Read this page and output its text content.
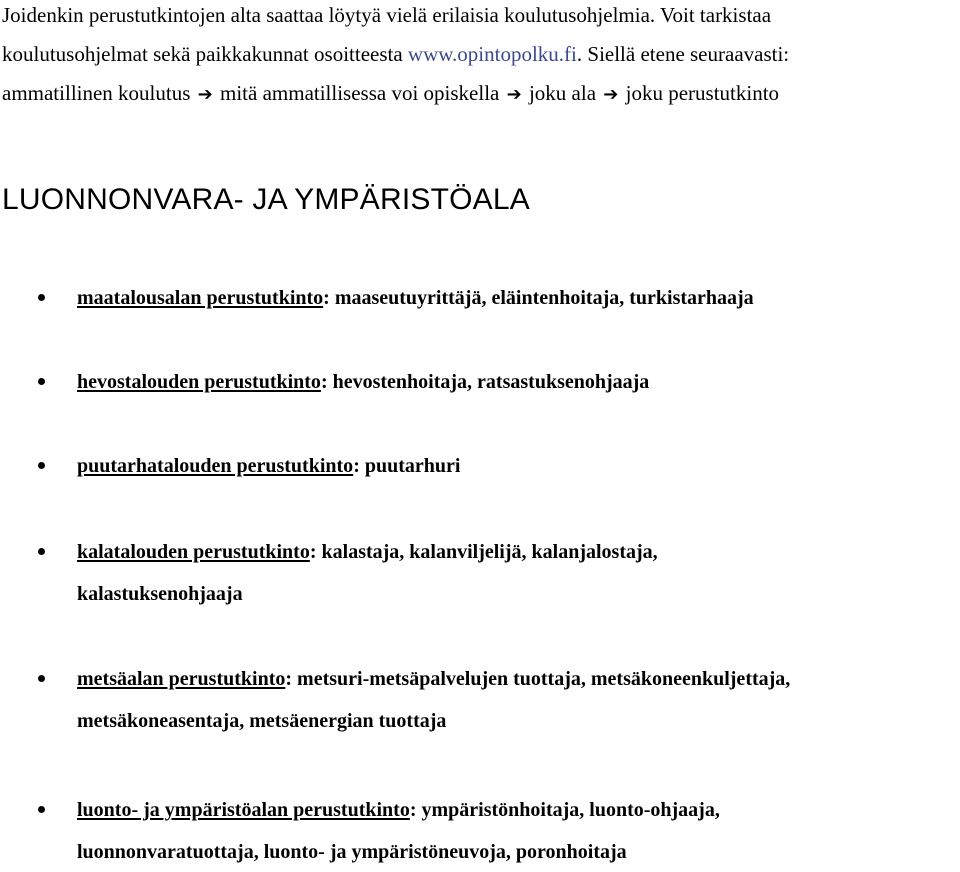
Joidenkin perustutkintojen alta saattaa löytyä vielä erilaisia koulutusohjelmia. Voit tarkistaa

koulutusohjelmat sekä paikkakunnat osoitteesta www.opintopolku.fi. Siellä etene seuraavasti:

ammatillinen koulutus ➔ mitä ammatillisessa voi opiskella ➔ joku ala ➔ joku perustutkinto

LUONNONVARA- JA YMPÄRISTÖALA
maatalousalan perustutkinto: maaseutuyrittäjä, eläintenhoitaja, turkistarhaaja
hevostalouden perustutkinto: hevostenhoitaja, ratsastuksenohjaaja
puutarhatalouden perustutkinto: puutarhuri
kalatalouden perustutkinto: kalastaja, kalanviljelijä, kalanjalostaja,
kalastuksenohjaaja
metsäalan perustutkinto: metsuri-metsäpalvelujen tuottaja, metsäkoneenkuljettaja,
metsäkoneasentaja, metsäenergian tuottaja
luonto- ja ympäristöalan perustutkinto: ympäristönhoitaja, luonto-ohjaaja,
luonnonvaratuottaja, luonto- ja ympäristöneuvoja, poronhoitaja
